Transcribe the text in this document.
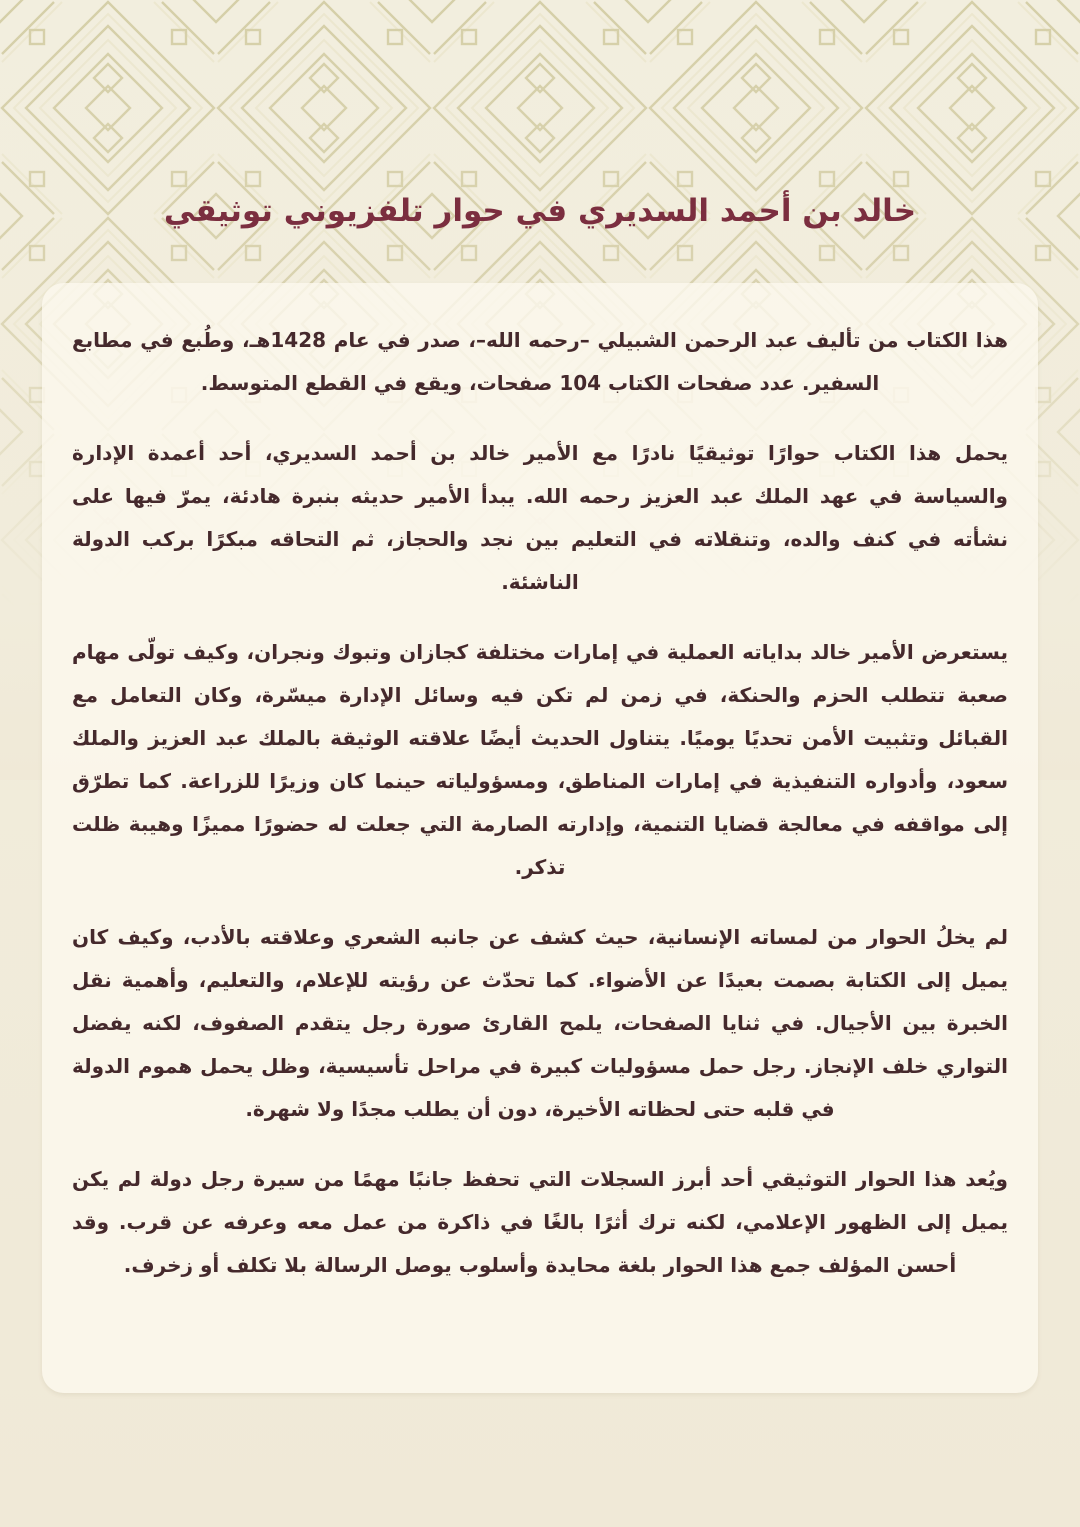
خالد بن أحمد السديري في حوار تلفزيوني توثيقي

هذا الكتاب من تأليف عبد الرحمن الشبيلي –رحمه الله–، صدر في عام 1428هـ، وطُبع في مطابع السفير. عدد صفحات الكتاب 104 صفحات، ويقع في القطع المتوسط.

يحمل هذا الكتاب حوارًا توثيقيًا نادرًا مع الأمير خالد بن أحمد السديري، أحد أعمدة الإدارة والسياسة في عهد الملك عبد العزيز رحمه الله. يبدأ الأمير حديثه بنبرة هادئة، يمرّ فيها على نشأته في كنف والده، وتنقلاته في التعليم بين نجد والحجاز، ثم التحاقه مبكرًا بركب الدولة الناشئة.

يستعرض الأمير خالد بداياته العملية في إمارات مختلفة كجازان وتبوك ونجران، وكيف تولّى مهام صعبة تتطلب الحزم والحنكة، في زمن لم تكن فيه وسائل الإدارة ميسّرة، وكان التعامل مع القبائل وتثبيت الأمن تحديًا يوميًا. يتناول الحديث أيضًا علاقته الوثيقة بالملك عبد العزيز والملك سعود، وأدواره التنفيذية في إمارات المناطق، ومسؤولياته حينما كان وزيرًا للزراعة. كما تطرّق إلى مواقفه في معالجة قضايا التنمية، وإدارته الصارمة التي جعلت له حضورًا مميزًا وهيبة ظلت تذكر.

لم يخلُ الحوار من لمساته الإنسانية، حيث كشف عن جانبه الشعري وعلاقته بالأدب، وكيف كان يميل إلى الكتابة بصمت بعيدًا عن الأضواء. كما تحدّث عن رؤيته للإعلام، والتعليم، وأهمية نقل الخبرة بين الأجيال. في ثنايا الصفحات، يلمح القارئ صورة رجل يتقدم الصفوف، لكنه يفضل التواري خلف الإنجاز. رجل حمل مسؤوليات كبيرة في مراحل تأسيسية، وظل يحمل هموم الدولة في قلبه حتى لحظاته الأخيرة، دون أن يطلب مجدًا ولا شهرة.

ويُعد هذا الحوار التوثيقي أحد أبرز السجلات التي تحفظ جانبًا مهمًا من سيرة رجل دولة لم يكن يميل إلى الظهور الإعلامي، لكنه ترك أثرًا بالغًا في ذاكرة من عمل معه وعرفه عن قرب. وقد أحسن المؤلف جمع هذا الحوار بلغة محايدة وأسلوب يوصل الرسالة بلا تكلف أو زخرف.
